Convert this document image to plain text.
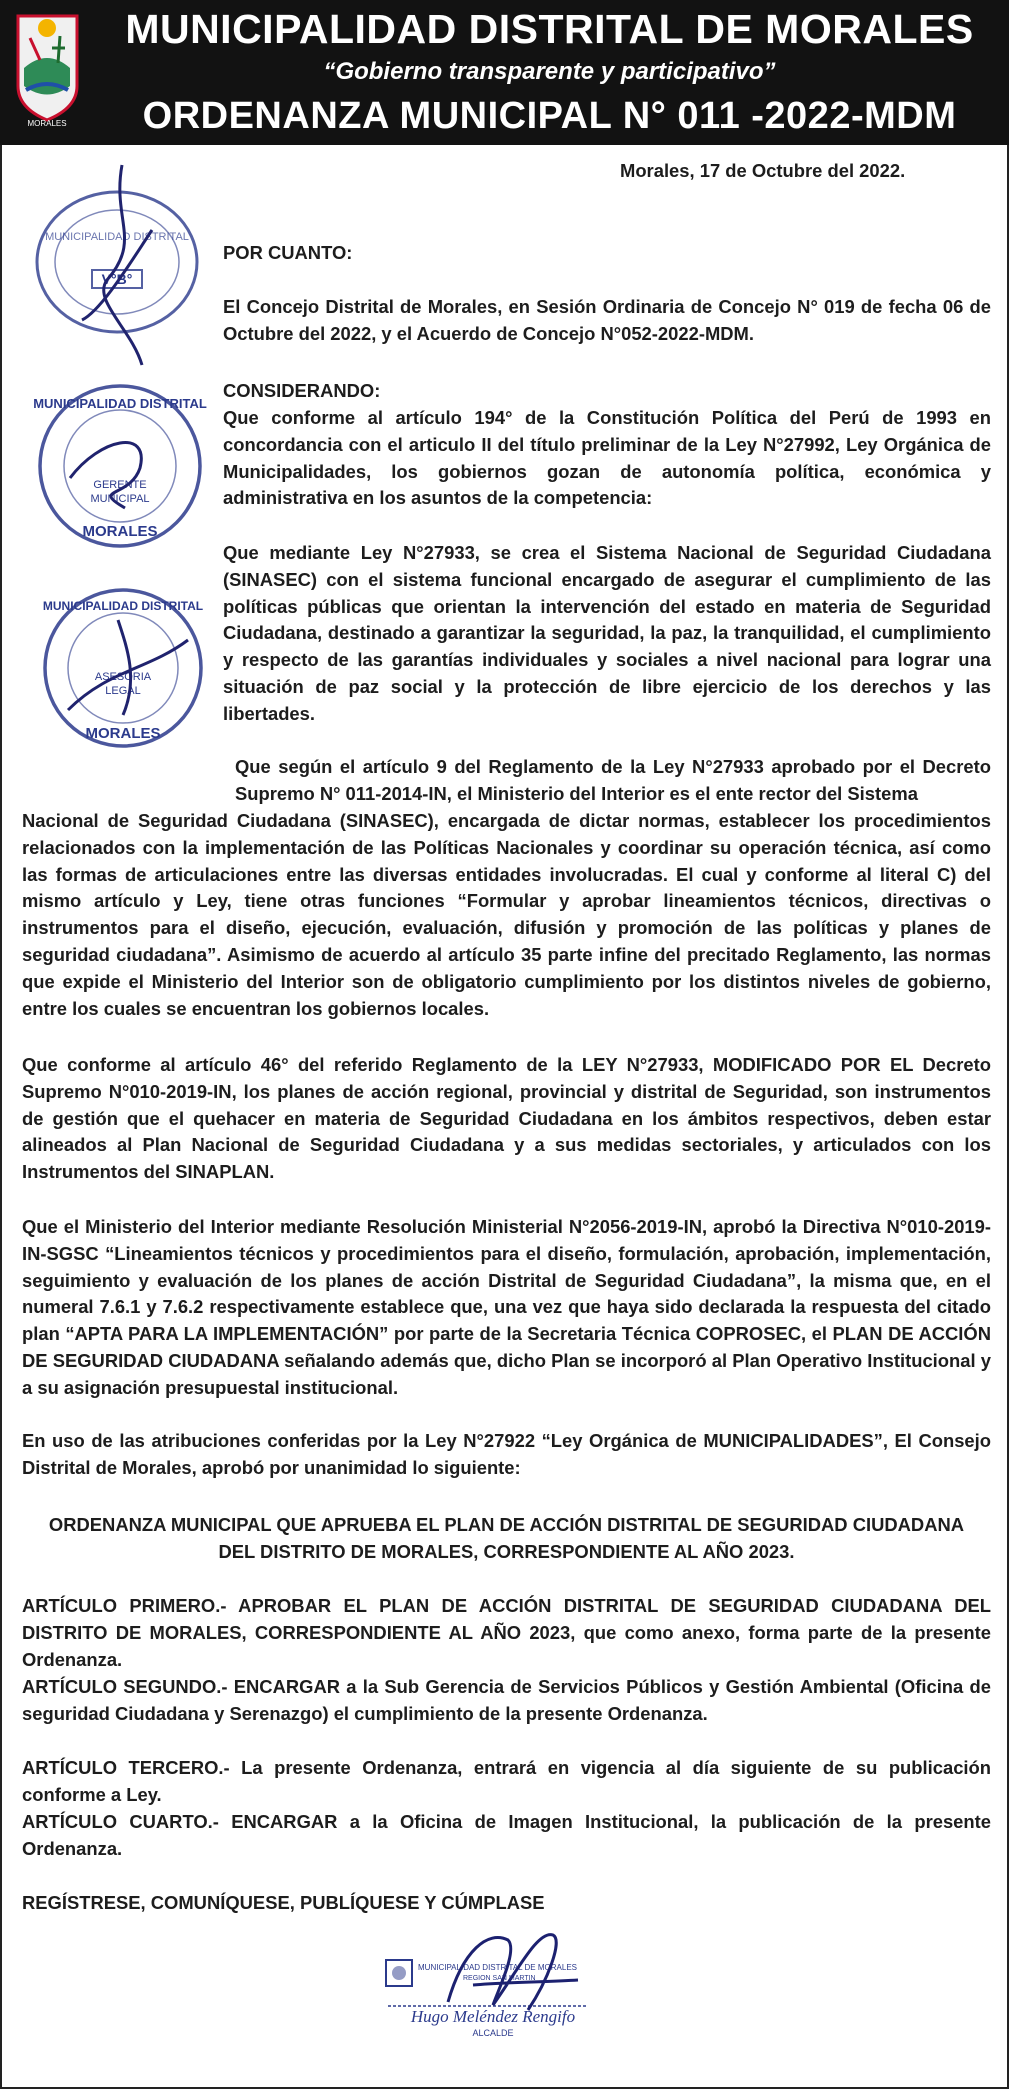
MORALES
MUNICIPALIDAD DISTRITAL DE MORALES
“Gobierno transparente y participativo”
ORDENANZA MUNICIPAL N° 011 -2022-MDM
MUNICIPALIDAD DISTRITAL
V°B°
MUNICIPALIDAD DISTRITAL
GERENTE
MUNICIPAL
MORALES
MUNICIPALIDAD DISTRITAL
ASESORIA
LEGAL
MORALES
Morales, 17 de Octubre del 2022.
POR CUANTO:
El Concejo Distrital de Morales, en Sesión Ordinaria de Concejo N° 019 de fecha 06 de Octubre del 2022, y el Acuerdo de Concejo N°052-2022-MDM.
CONSIDERANDO:
Que conforme al artículo 194° de la Constitución Política del Perú de 1993 en concordancia con el articulo II del título preliminar de la Ley N°27992, Ley Orgánica de Municipalidades, los gobiernos gozan de autonomía política, económica y administrativa en los asuntos de la competencia:
Que mediante Ley N°27933, se crea el Sistema Nacional de Seguridad Ciudadana (SINASEC) con el sistema funcional encargado de asegurar el cumplimiento de las políticas públicas que orientan la intervención del estado en materia de Seguridad Ciudadana, destinado a garantizar la seguridad, la paz, la tranquilidad, el cumplimiento y respecto de las garantías individuales y sociales a nivel nacional para lograr una situación de paz social y la protección de libre ejercicio de los derechos y las libertades.
Que según el artículo 9 del Reglamento de la Ley N°27933 aprobado por el Decreto Supremo N° 011-2014-IN, el Ministerio del Interior es el ente rector del Sistema
Nacional de Seguridad Ciudadana (SINASEC), encargada de dictar normas, establecer los procedimientos relacionados con la implementación de las Políticas Nacionales y coordinar su operación técnica, así como las formas de articulaciones entre las diversas entidades involucradas. El cual y conforme al literal C) del mismo artículo y Ley, tiene otras funciones “Formular y aprobar lineamientos técnicos, directivas o instrumentos para el diseño, ejecución, evaluación, difusión y promoción de las políticas y planes de seguridad ciudadana”. Asimismo de acuerdo al artículo 35 parte infine del precitado Reglamento, las normas que expide el Ministerio del Interior son de obligatorio cumplimiento por los distintos niveles de gobierno, entre los cuales se encuentran los gobiernos locales.
Que conforme al artículo 46° del referido Reglamento de la LEY N°27933, MODIFICADO POR EL Decreto Supremo N°010-2019-IN, los planes de acción regional, provincial y distrital de Seguridad, son instrumentos de gestión que el quehacer en materia de Seguridad Ciudadana en los ámbitos respectivos, deben estar alineados al Plan Nacional de Seguridad Ciudadana y a sus medidas sectoriales, y articulados con los Instrumentos del SINAPLAN.
Que el Ministerio del Interior mediante Resolución Ministerial N°2056-2019-IN, aprobó la Directiva N°010-2019-IN-SGSC “Lineamientos técnicos y procedimientos para el diseño, formulación, aprobación, implementación, seguimiento y evaluación de los planes de acción Distrital de Seguridad Ciudadana”, la misma que, en el numeral 7.6.1 y 7.6.2 respectivamente establece que, una vez que haya sido declarada la respuesta del citado plan “APTA PARA LA IMPLEMENTACIÓN” por parte de la Secretaria Técnica COPROSEC, el PLAN DE ACCIÓN DE SEGURIDAD CIUDADANA señalando además que, dicho Plan se incorporó al Plan Operativo Institucional y a su asignación presupuestal institucional.
En uso de las atribuciones conferidas por la Ley N°27922 “Ley Orgánica de MUNICIPALIDADES”, El Consejo Distrital de Morales, aprobó por unanimidad lo siguiente:
ORDENANZA MUNICIPAL QUE APRUEBA EL PLAN DE ACCIÓN DISTRITAL DE SEGURIDAD CIUDADANA
DEL DISTRITO DE MORALES, CORRESPONDIENTE AL AÑO 2023.
ARTÍCULO PRIMERO.- APROBAR EL PLAN DE ACCIÓN DISTRITAL DE SEGURIDAD CIUDADANA DEL DISTRITO DE MORALES, CORRESPONDIENTE AL AÑO 2023, que como anexo, forma parte de la presente Ordenanza.
ARTÍCULO SEGUNDO.- ENCARGAR a la Sub Gerencia de Servicios Públicos y Gestión Ambiental (Oficina de seguridad Ciudadana y Serenazgo) el cumplimiento de la presente Ordenanza.
ARTÍCULO TERCERO.- La presente Ordenanza, entrará en vigencia al día siguiente de su publicación conforme a Ley.
ARTÍCULO CUARTO.- ENCARGAR a la Oficina de Imagen Institucional, la publicación de la presente Ordenanza.
REGÍSTRESE, COMUNÍQUESE, PUBLÍQUESE Y CÚMPLASE
MUNICIPALIDAD DISTRITAL DE MORALES
REGION SAN MARTIN
Hugo Meléndez Rengifo
ALCALDE
